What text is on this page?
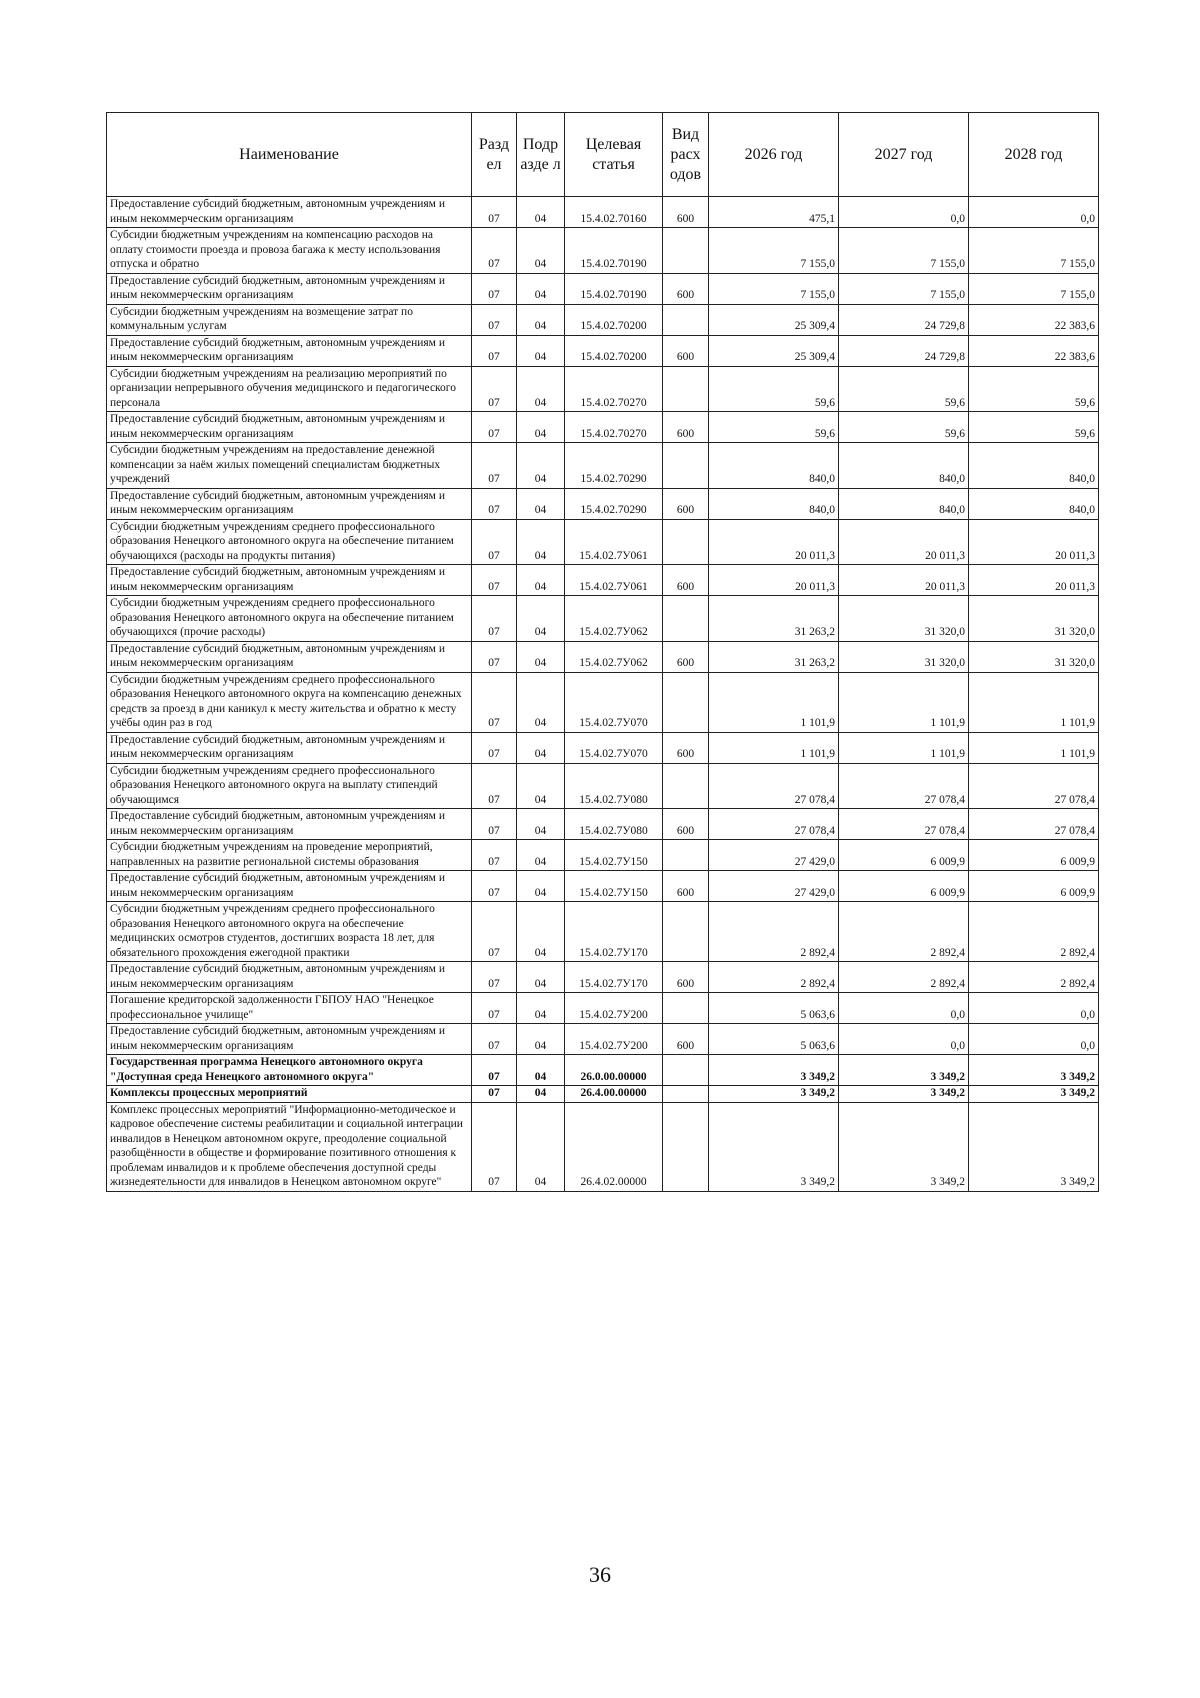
Наименование	Разд ел	Подр азде л	Целевая статья	Вид расх одов	2026 год	2027 год	2028 год
Предоставление субсидий бюджетным, автономным учреждениям и иным некоммерческим организациям	07	04	15.4.02.70160	600	475,1	0,0	0,0
Субсидии бюджетным учреждениям на компенсацию расходов на оплату стоимости проезда и провоза багажа к месту использования отпуска и обратно	07	04	15.4.02.70190		7 155,0	7 155,0	7 155,0
Предоставление субсидий бюджетным, автономным учреждениям и иным некоммерческим организациям	07	04	15.4.02.70190	600	7 155,0	7 155,0	7 155,0
Субсидии бюджетным учреждениям на возмещение затрат по коммунальным услугам	07	04	15.4.02.70200		25 309,4	24 729,8	22 383,6
Предоставление субсидий бюджетным, автономным учреждениям и иным некоммерческим организациям	07	04	15.4.02.70200	600	25 309,4	24 729,8	22 383,6
Субсидии бюджетным учреждениям на реализацию мероприятий по организации непрерывного обучения медицинского и педагогического персонала	07	04	15.4.02.70270		59,6	59,6	59,6
Предоставление субсидий бюджетным, автономным учреждениям и иным некоммерческим организациям	07	04	15.4.02.70270	600	59,6	59,6	59,6
Субсидии бюджетным учреждениям на предоставление денежной компенсации за наём жилых помещений специалистам бюджетных учреждений	07	04	15.4.02.70290		840,0	840,0	840,0
Предоставление субсидий бюджетным, автономным учреждениям и иным некоммерческим организациям	07	04	15.4.02.70290	600	840,0	840,0	840,0
Субсидии бюджетным учреждениям среднего профессионального образования Ненецкого автономного округа на обеспечение питанием обучающихся (расходы на продукты питания)	07	04	15.4.02.7У061		20 011,3	20 011,3	20 011,3
Предоставление субсидий бюджетным, автономным учреждениям и иным некоммерческим организациям	07	04	15.4.02.7У061	600	20 011,3	20 011,3	20 011,3
Субсидии бюджетным учреждениям среднего профессионального образования Ненецкого автономного округа на обеспечение питанием обучающихся (прочие расходы)	07	04	15.4.02.7У062		31 263,2	31 320,0	31 320,0
Предоставление субсидий бюджетным, автономным учреждениям и иным некоммерческим организациям	07	04	15.4.02.7У062	600	31 263,2	31 320,0	31 320,0
Субсидии бюджетным учреждениям среднего профессионального образования Ненецкого автономного округа на компенсацию денежных средств за проезд в дни каникул к месту жительства и обратно к месту учёбы один раз в год	07	04	15.4.02.7У070		1 101,9	1 101,9	1 101,9
Предоставление субсидий бюджетным, автономным учреждениям и иным некоммерческим организациям	07	04	15.4.02.7У070	600	1 101,9	1 101,9	1 101,9
Субсидии бюджетным учреждениям среднего профессионального образования Ненецкого автономного округа на выплату стипендий обучающимся	07	04	15.4.02.7У080		27 078,4	27 078,4	27 078,4
Предоставление субсидий бюджетным, автономным учреждениям и иным некоммерческим организациям	07	04	15.4.02.7У080	600	27 078,4	27 078,4	27 078,4
Субсидии бюджетным учреждениям на проведение мероприятий, направленных на развитие региональной системы образования	07	04	15.4.02.7У150		27 429,0	6 009,9	6 009,9
Предоставление субсидий бюджетным, автономным учреждениям и иным некоммерческим организациям	07	04	15.4.02.7У150	600	27 429,0	6 009,9	6 009,9
Субсидии бюджетным учреждениям среднего профессионального образования Ненецкого автономного округа на обеспечение медицинских осмотров студентов, достигших возраста 18 лет, для обязательного прохождения ежегодной практики	07	04	15.4.02.7У170		2 892,4	2 892,4	2 892,4
Предоставление субсидий бюджетным, автономным учреждениям и иным некоммерческим организациям	07	04	15.4.02.7У170	600	2 892,4	2 892,4	2 892,4
Погашение кредиторской задолженности ГБПОУ НАО "Ненецкое профессиональное училище"	07	04	15.4.02.7У200		5 063,6	0,0	0,0
Предоставление субсидий бюджетным, автономным учреждениям и иным некоммерческим организациям	07	04	15.4.02.7У200	600	5 063,6	0,0	0,0
Государственная программа Ненецкого автономного округа "Доступная среда Ненецкого автономного округа"	07	04	26.0.00.00000		3 349,2	3 349,2	3 349,2
Комплексы процессных мероприятий	07	04	26.4.00.00000		3 349,2	3 349,2	3 349,2
Комплекс процессных мероприятий "Информационно-методическое и кадровое обеспечение системы реабилитации и социальной интеграции инвалидов в Ненецком автономном округе, преодоление социальной разобщённости в обществе и формирование позитивного отношения к проблемам инвалидов и к проблеме обеспечения доступной среды жизнедеятельности для инвалидов в Ненецком автономном округе"	07	04	26.4.02.00000		3 349,2	3 349,2	3 349,2
36
